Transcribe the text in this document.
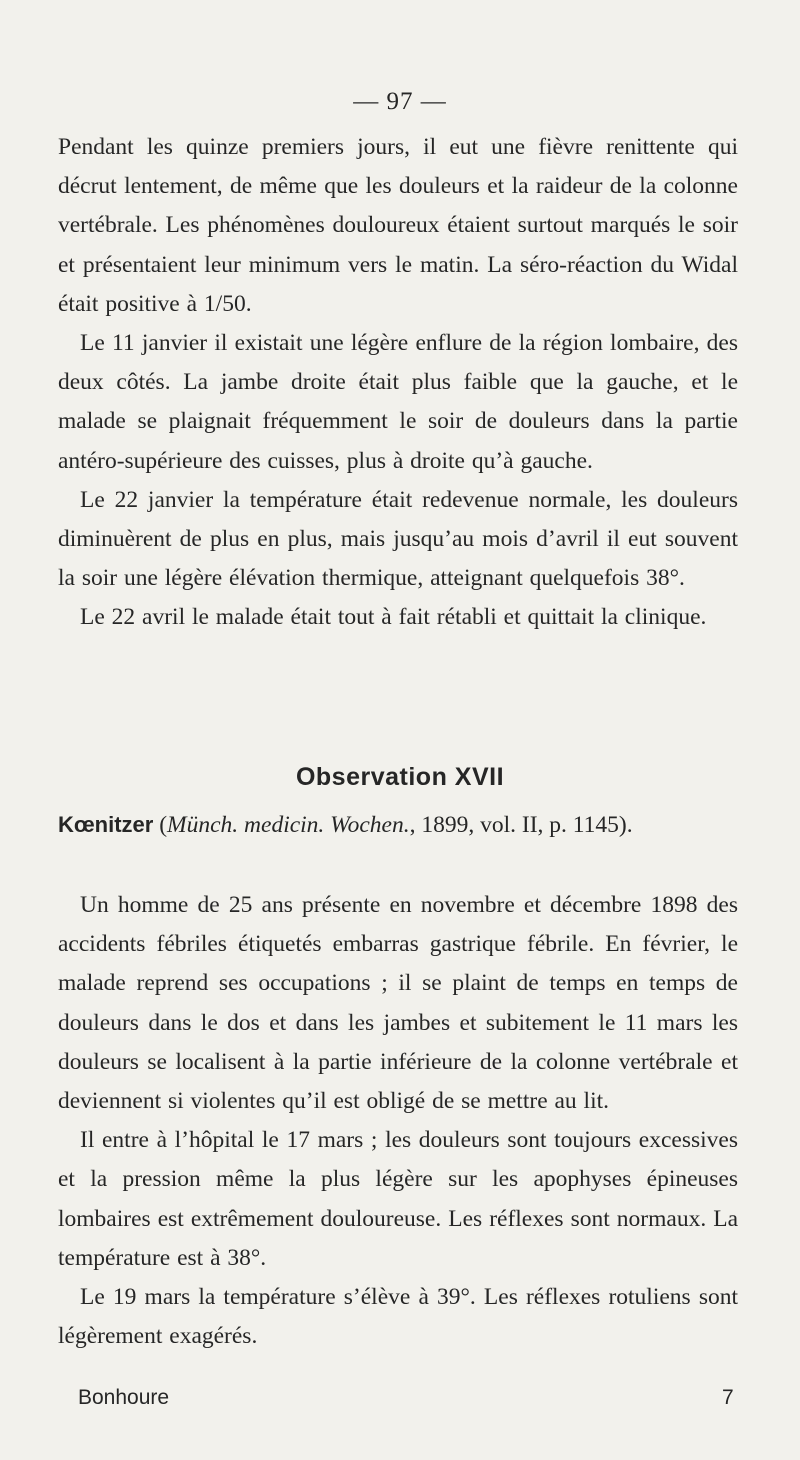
— 97 —

Pendant les quinze premiers jours, il eut une fièvre renittente qui décrut lentement, de même que les douleurs et la raideur de la colonne vertébrale. Les phénomènes douloureux étaient surtout marqués le soir et présentaient leur minimum vers le matin. La séro-réaction du Widal était positive à 1/50.

Le 11 janvier il existait une légère enflure de la région lombaire, des deux côtés. La jambe droite était plus faible que la gauche, et le malade se plaignait fréquemment le soir de douleurs dans la partie antéro-supérieure des cuisses, plus à droite qu’à gauche.

Le 22 janvier la température était redevenue normale, les douleurs diminuèrent de plus en plus, mais jusqu’au mois d’avril il eut souvent la soir une légère élévation thermique, atteignant quelquefois 38°.

Le 22 avril le malade était tout à fait rétabli et quittait la clinique.

Observation XVII
Kœnitzer (Münch. medicin. Wochen., 1899, vol. II, p. 1145).

Un homme de 25 ans présente en novembre et décembre 1898 des accidents fébriles étiquetés embarras gastrique fébrile. En février, le malade reprend ses occupations ; il se plaint de temps en temps de douleurs dans le dos et dans les jambes et subitement le 11 mars les douleurs se localisent à la partie inférieure de la colonne vertébrale et deviennent si violentes qu’il est obligé de se mettre au lit.

Il entre à l’hôpital le 17 mars ; les douleurs sont toujours excessives et la pression même la plus légère sur les apophyses épineuses lombaires est extrêmement douloureuse. Les réflexes sont normaux. La température est à 38°.

Le 19 mars la température s’élève à 39°. Les réflexes rotuliens sont légèrement exagérés.

Bonhoure	7
